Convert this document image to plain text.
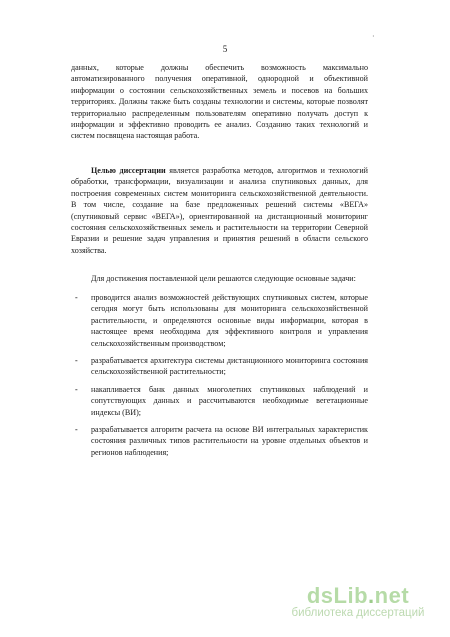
·
5
данных, которые должны обеспечить возможность максимально автоматизированного получения оперативной, однородной и объективной информации о состоянии сельскохозяйственных земель и посевов на больших территориях. Должны также быть созданы технологии и системы, которые позволят территориально распределенным пользователям оперативно получать доступ к информации и эффективно проводить ее анализ. Созданию таких технологий и систем посвящена настоящая работа.
Целью диссертации является разработка методов, алгоритмов и технологий обработки, трансформации, визуализации и анализа спутниковых данных, для построения современных систем мониторинга сельскохозяйственной деятельности. В том числе, создание на базе предложенных решений системы «ВЕГА» (спутниковый сервис «ВЕГА»), ориентированной на дистанционный мониторинг состояния сельскохозяйственных земель и растительности на территории Северной Евразии и решение задач управления и принятия решений в области сельского хозяйства.
Для достижения поставленной цели решаются следующие основные задачи:
- проводится анализ возможностей действующих спутниковых систем, которые сегодня могут быть использованы для мониторинга сельскохозяйственной растительности, и определяются основные виды информации, которая в настоящее время необходима для эффективного контроля и управления сельскохозяйственным производством;
- разрабатывается архитектура системы дистанционного мониторинга состояния сельскохозяйственной растительности;
- накапливается банк данных многолетних спутниковых наблюдений и сопутствующих данных и рассчитываются необходимые вегетационные индексы (ВИ);
- разрабатывается алгоритм расчета на основе ВИ интегральных характеристик состояния различных типов растительности на уровне отдельных объектов и регионов наблюдения;
dsLib.net
библиотека диссертаций
